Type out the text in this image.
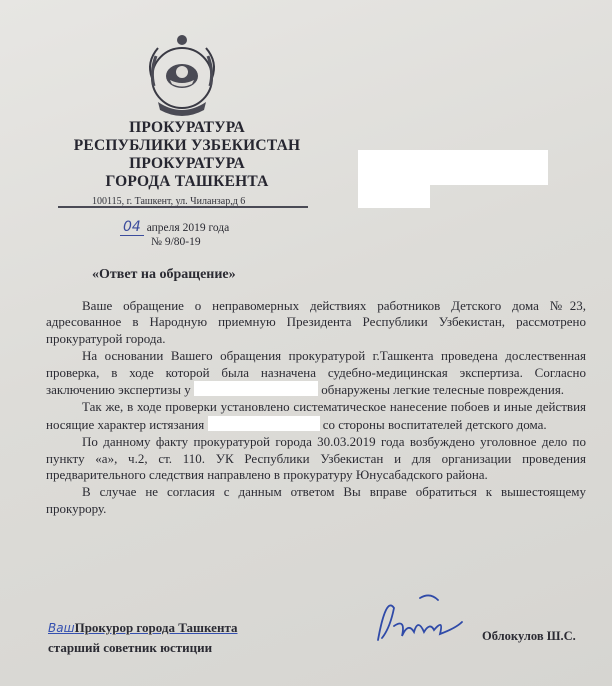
ПРОКУРАТУРА
РЕСПУБЛИКИ УЗБЕКИСТАН
ПРОКУРАТУРА
ГОРОДА ТАШКЕНТА
100115, г. Ташкент, ул. Чиланзар,д 6
04 апреля 2019 года
№ 9/80-19
«Ответ на обращение»

Ваше обращение о неправомерных действиях работников Детского дома №23, адресованное в Народную приемную Президента Республики Узбекистан, рассмотрено прокуратурой города.

На основании Вашего обращения прокуратурой г.Ташкента проведена дослественная проверка, в ходе которой была назначена судебно-медицинская экспертиза. Согласно заключению экспертизы у	обнаружены легкие телесные повреждения.

Так же, в ходе проверки установлено систематическое нанесение побоев и иные действия носящие характер истязания	со стороны воспитателей детского дома.

По данному факту прокуратурой города 30.03.2019 года возбуждено уголовное дело по пункту «а», ч.2, ст. 110. УК Республики Узбекистан и для организации проведения предварительного следствия направлено в прокуратуру Юнусабадского района.

В случае не согласия с данным ответом Вы вправе обратиться к вышестоящему прокурору.

ВашПрокурор города Ташкента
старший советник юстиции
Облокулов Ш.С.
